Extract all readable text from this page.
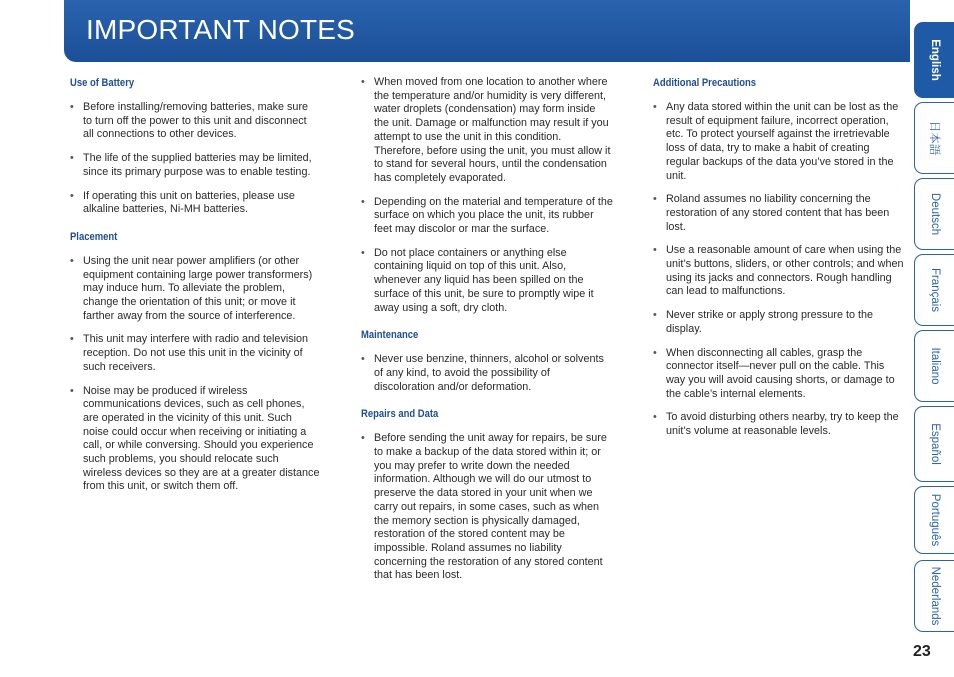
IMPORTANT NOTES
Use of Battery
• Before installing/removing batteries, make sure to turn off the power to this unit and disconnect all connections to other devices.
• The life of the supplied batteries may be limited, since its primary purpose was to enable testing.
• If operating this unit on batteries, please use alkaline batteries, Ni-MH batteries.
Placement
• Using the unit near power amplifiers (or other equipment containing large power transformers) may induce hum. To alleviate the problem, change the orientation of this unit; or move it farther away from the source of interference.
• This unit may interfere with radio and television reception. Do not use this unit in the vicinity of such receivers.
• Noise may be produced if wireless communications devices, such as cell phones, are operated in the vicinity of this unit. Such noise could occur when receiving or initiating a call, or while conversing. Should you experience such problems, you should relocate such wireless devices so they are at a greater distance from this unit, or switch them off.
• When moved from one location to another where the temperature and/or humidity is very different, water droplets (condensation) may form inside the unit. Damage or malfunction may result if you attempt to use the unit in this condition. Therefore, before using the unit, you must allow it to stand for several hours, until the condensation has completely evaporated.
• Depending on the material and temperature of the surface on which you place the unit, its rubber feet may discolor or mar the surface.
• Do not place containers or anything else containing liquid on top of this unit. Also, whenever any liquid has been spilled on the surface of this unit, be sure to promptly wipe it away using a soft, dry cloth.
Maintenance
• Never use benzine, thinners, alcohol or solvents of any kind, to avoid the possibility of discoloration and/or deformation.
Repairs and Data
• Before sending the unit away for repairs, be sure to make a backup of the data stored within it; or you may prefer to write down the needed information. Although we will do our utmost to preserve the data stored in your unit when we carry out repairs, in some cases, such as when the memory section is physically damaged, restoration of the stored content may be impossible. Roland assumes no liability concerning the restoration of any stored content that has been lost.
Additional Precautions
• Any data stored within the unit can be lost as the result of equipment failure, incorrect operation, etc. To protect yourself against the irretrievable loss of data, try to make a habit of creating regular backups of the data you’ve stored in the unit.
• Roland assumes no liability concerning the restoration of any stored content that has been lost.
• Use a reasonable amount of care when using the unit’s buttons, sliders, or other controls; and when using its jacks and connectors. Rough handling can lead to malfunctions.
• Never strike or apply strong pressure to the display.
• When disconnecting all cables, grasp the connector itself—never pull on the cable. This way you will avoid causing shorts, or damage to the cable’s internal elements.
• To avoid disturbing others nearby, try to keep the unit’s volume at reasonable levels.
English
日本語
Deutsch
Français
Italiano
Español
Português
Nederlands
23
